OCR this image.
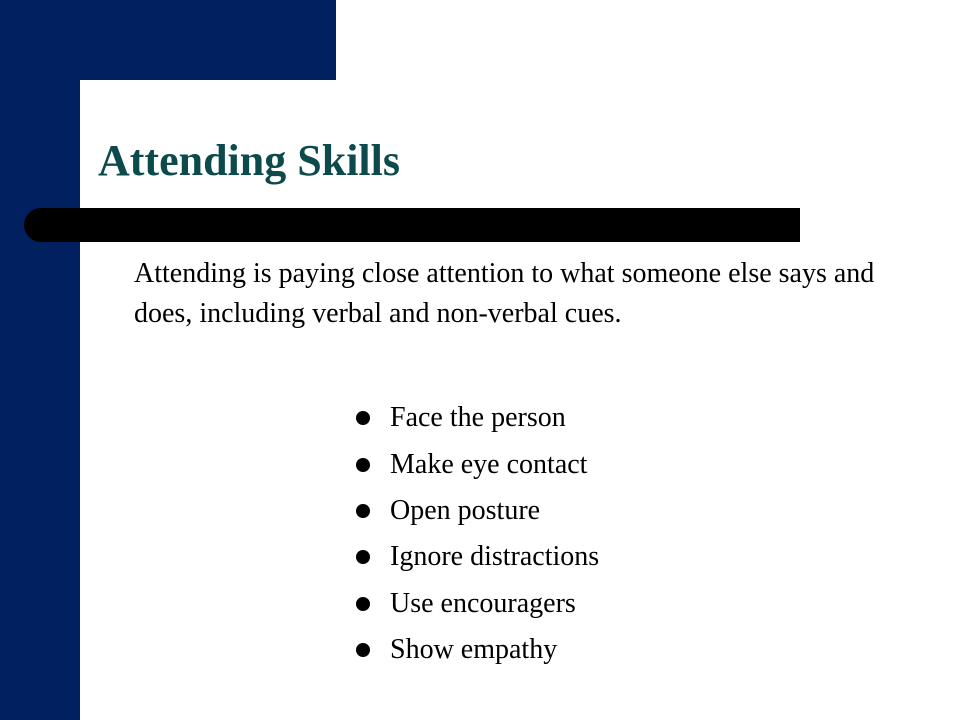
Attending Skills

Attending is paying close attention to what someone else says and does, including verbal and non-verbal cues.

Face the person
Make eye contact
Open posture
Ignore distractions
Use encouragers
Show empathy
